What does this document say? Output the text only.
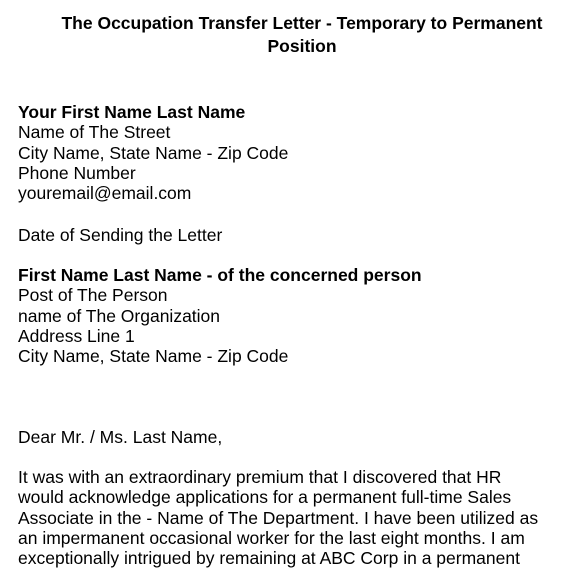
The Occupation Transfer Letter - Temporary to Permanent
Position
Your First Name Last Name
Name of The Street
City Name, State Name - Zip Code
Phone Number
youremail@email.com
Date of Sending the Letter
First Name Last Name - of the concerned person
Post of The Person
name of The Organization
Address Line 1
City Name, State Name - Zip Code
Dear Mr. / Ms. Last Name,
It was with an extraordinary premium that I discovered that HR
would acknowledge applications for a permanent full-time Sales
Associate in the - Name of The Department. I have been utilized as
an impermanent occasional worker for the last eight months. I am
exceptionally intrigued by remaining at ABC Corp in a permanent
